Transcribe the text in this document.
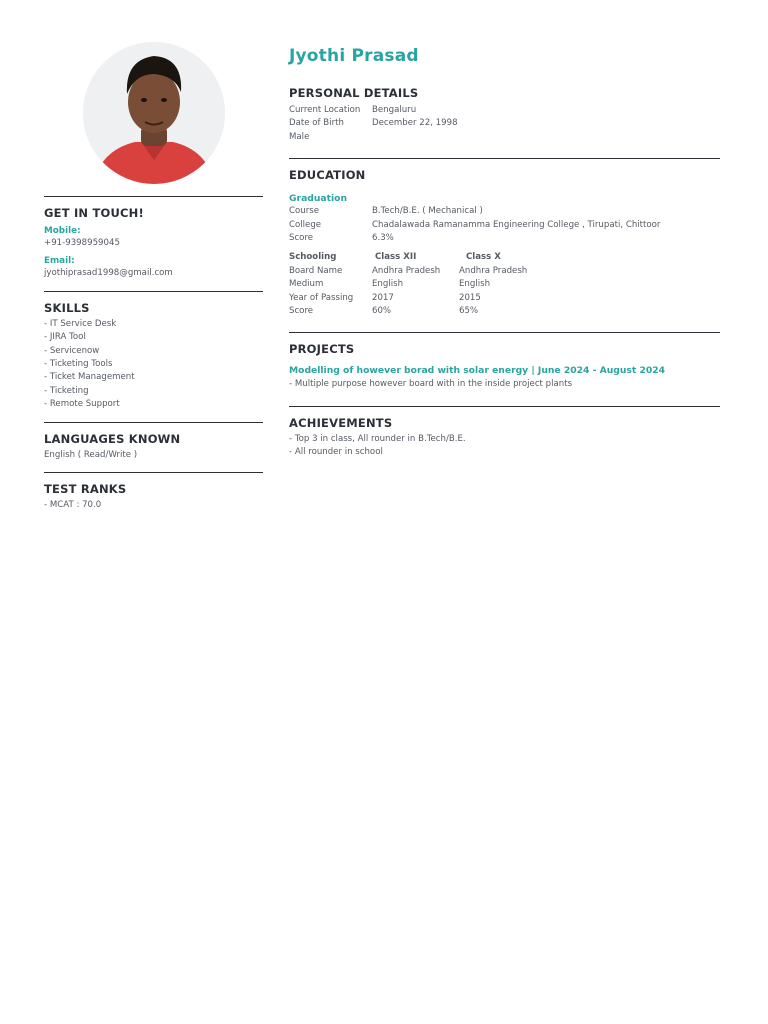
GET IN TOUCH!
Mobile:
+91-9398959045
Email:
jyothiprasad1998@gmail.com
SKILLS
- IT Service Desk
- JIRA Tool
- Servicenow
- Ticketing Tools
- Ticket Management
- Ticketing
- Remote Support
LANGUAGES KNOWN
English ( Read/Write )
TEST RANKS
- MCAT : 70.0
Jyothi Prasad
PERSONAL DETAILS
Current Location	Bengaluru
Date of Birth	December 22, 1998
Male	
EDUCATION
Graduation
Course	B.Tech/B.E. ( Mechanical )
College	Chadalawada Ramanamma Engineering College , Tirupati, Chittoor
Score	6.3%
Schooling	Class XII	Class X
Board Name	Andhra Pradesh	Andhra Pradesh
Medium	English	English
Year of Passing	2017	2015
Score	60%	65%
PROJECTS
Modelling of however borad with solar energy | June 2024 - August 2024
- Multiple purpose however board with in the inside project plants
ACHIEVEMENTS
- Top 3 in class, All rounder in B.Tech/B.E.
- All rounder in school
